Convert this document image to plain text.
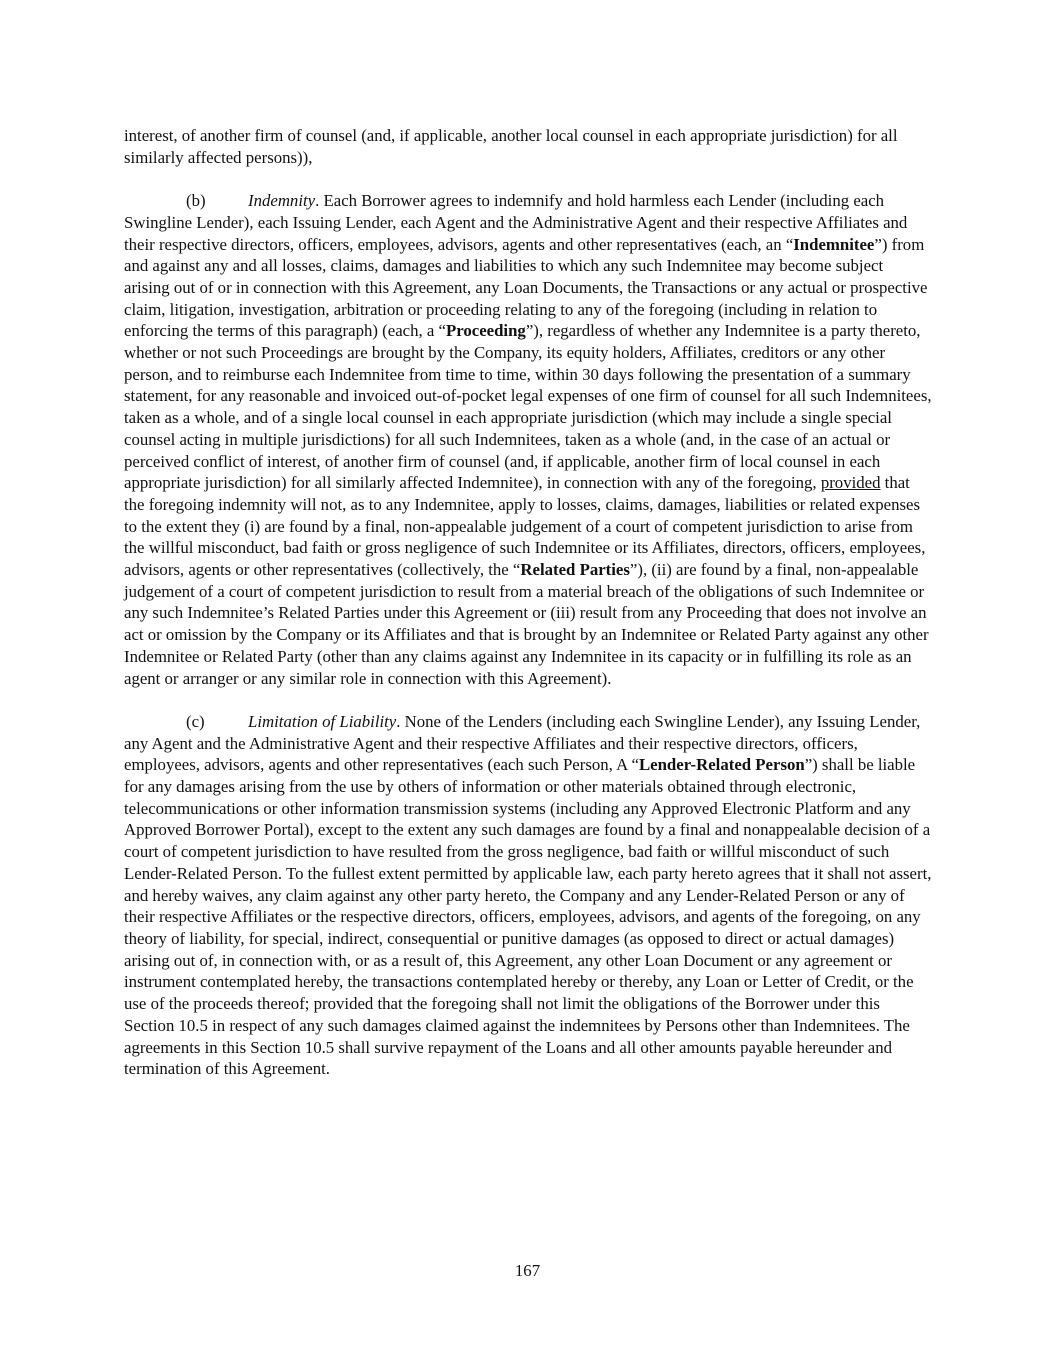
interest, of another firm of counsel (and, if applicable, another local counsel in each appropriate jurisdiction) for all similarly affected persons)),

(b)	Indemnity. Each Borrower agrees to indemnify and hold harmless each Lender (including each Swingline Lender), each Issuing Lender, each Agent and the Administrative Agent and their respective Affiliates and their respective directors, officers, employees, advisors, agents and other representatives (each, an “Indemnitee”) from and against any and all losses, claims, damages and liabilities to which any such Indemnitee may become subject arising out of or in connection with this Agreement, any Loan Documents, the Transactions or any actual or prospective claim, litigation, investigation, arbitration or proceeding relating to any of the foregoing (including in relation to enforcing the terms of this paragraph) (each, a “Proceeding”), regardless of whether any Indemnitee is a party thereto, whether or not such Proceedings are brought by the Company, its equity holders, Affiliates, creditors or any other person, and to reimburse each Indemnitee from time to time, within 30 days following the presentation of a summary statement, for any reasonable and invoiced out-of-pocket legal expenses of one firm of counsel for all such Indemnitees, taken as a whole, and of a single local counsel in each appropriate jurisdiction (which may include a single special counsel acting in multiple jurisdictions) for all such Indemnitees, taken as a whole (and, in the case of an actual or perceived conflict of interest, of another firm of counsel (and, if applicable, another firm of local counsel in each appropriate jurisdiction) for all similarly affected Indemnitee), in connection with any of the foregoing, provided that the foregoing indemnity will not, as to any Indemnitee, apply to losses, claims, damages, liabilities or related expenses to the extent they (i) are found by a final, non-appealable judgement of a court of competent jurisdiction to arise from the willful misconduct, bad faith or gross negligence of such Indemnitee or its Affiliates, directors, officers, employees, advisors, agents or other representatives (collectively, the “Related Parties”), (ii) are found by a final, non-appealable judgement of a court of competent jurisdiction to result from a material breach of the obligations of such Indemnitee or any such Indemnitee’s Related Parties under this Agreement or (iii) result from any Proceeding that does not involve an act or omission by the Company or its Affiliates and that is brought by an Indemnitee or Related Party against any other Indemnitee or Related Party (other than any claims against any Indemnitee in its capacity or in fulfilling its role as an agent or arranger or any similar role in connection with this Agreement).

(c)	Limitation of Liability. None of the Lenders (including each Swingline Lender), any Issuing Lender, any Agent and the Administrative Agent and their respective Affiliates and their respective directors, officers, employees, advisors, agents and other representatives (each such Person, A “Lender-Related Person”) shall be liable for any damages arising from the use by others of information or other materials obtained through electronic, telecommunications or other information transmission systems (including any Approved Electronic Platform and any Approved Borrower Portal), except to the extent any such damages are found by a final and nonappealable decision of a court of competent jurisdiction to have resulted from the gross negligence, bad faith or willful misconduct of such Lender-Related Person. To the fullest extent permitted by applicable law, each party hereto agrees that it shall not assert, and hereby waives, any claim against any other party hereto, the Company and any Lender-Related Person or any of their respective Affiliates or the respective directors, officers, employees, advisors, and agents of the foregoing, on any theory of liability, for special, indirect, consequential or punitive damages (as opposed to direct or actual damages) arising out of, in connection with, or as a result of, this Agreement, any other Loan Document or any agreement or instrument contemplated hereby, the transactions contemplated hereby or thereby, any Loan or Letter of Credit, or the use of the proceeds thereof; provided that the foregoing shall not limit the obligations of the Borrower under this Section 10.5 in respect of any such damages claimed against the indemnitees by Persons other than Indemnitees. The agreements in this Section 10.5 shall survive repayment of the Loans and all other amounts payable hereunder and termination of this Agreement.

167
